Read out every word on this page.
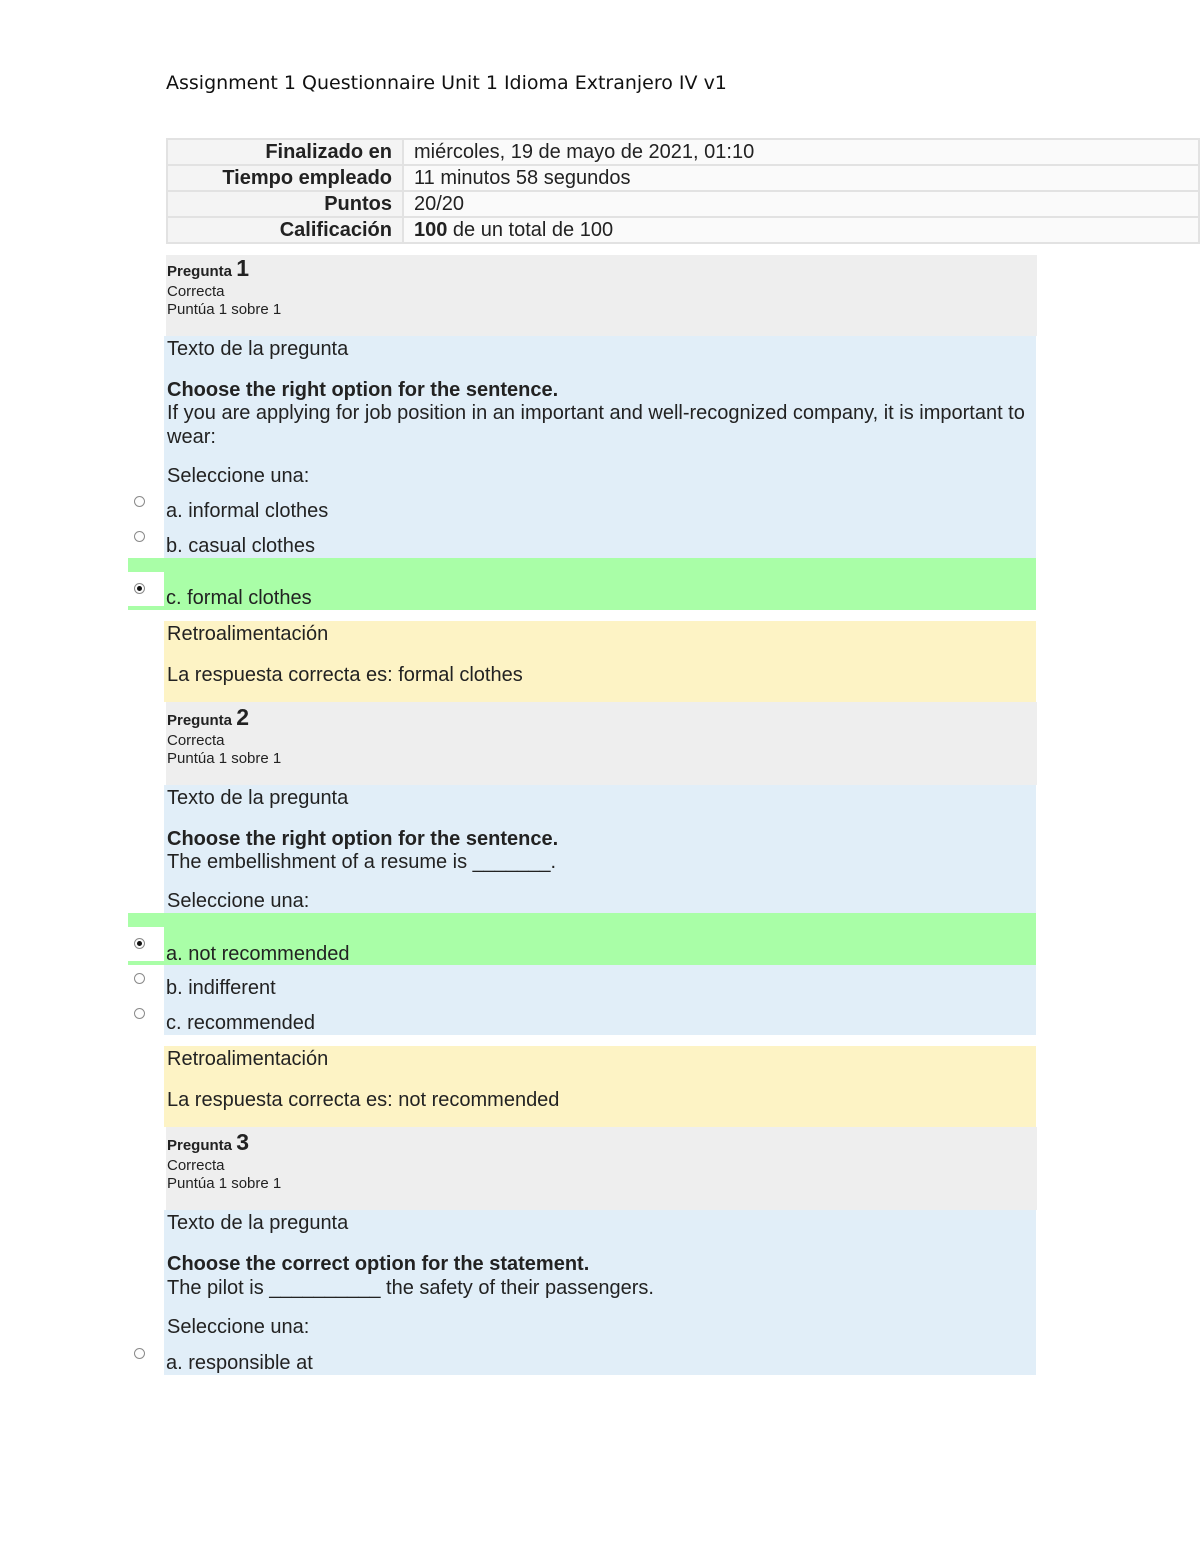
Assignment 1 Questionnaire Unit 1 Idioma Extranjero IV v1
Finalizado en	miércoles, 19 de mayo de 2021, 01:10
Tiempo empleado	11 minutos 58 segundos
Puntos	20/20
Calificación	100 de un total de 100
Pregunta 1
Correcta
Puntúa 1 sobre 1
Texto de la pregunta
Choose the right option for the sentence.
If you are applying for job position in an important and well-recognized company, it is important to wear:
Seleccione una:
a. informal clothes
b. casual clothes
c. formal clothes
Retroalimentación
La respuesta correcta es: formal clothes
Pregunta 2
Correcta
Puntúa 1 sobre 1
Texto de la pregunta
Choose the right option for the sentence.
The embellishment of a resume is _______.
Seleccione una:
a. not recommended
b. indifferent
c. recommended
Retroalimentación
La respuesta correcta es: not recommended
Pregunta 3
Correcta
Puntúa 1 sobre 1
Texto de la pregunta
Choose the correct option for the statement.
The pilot is __________ the safety of their passengers.
Seleccione una:
a. responsible at
